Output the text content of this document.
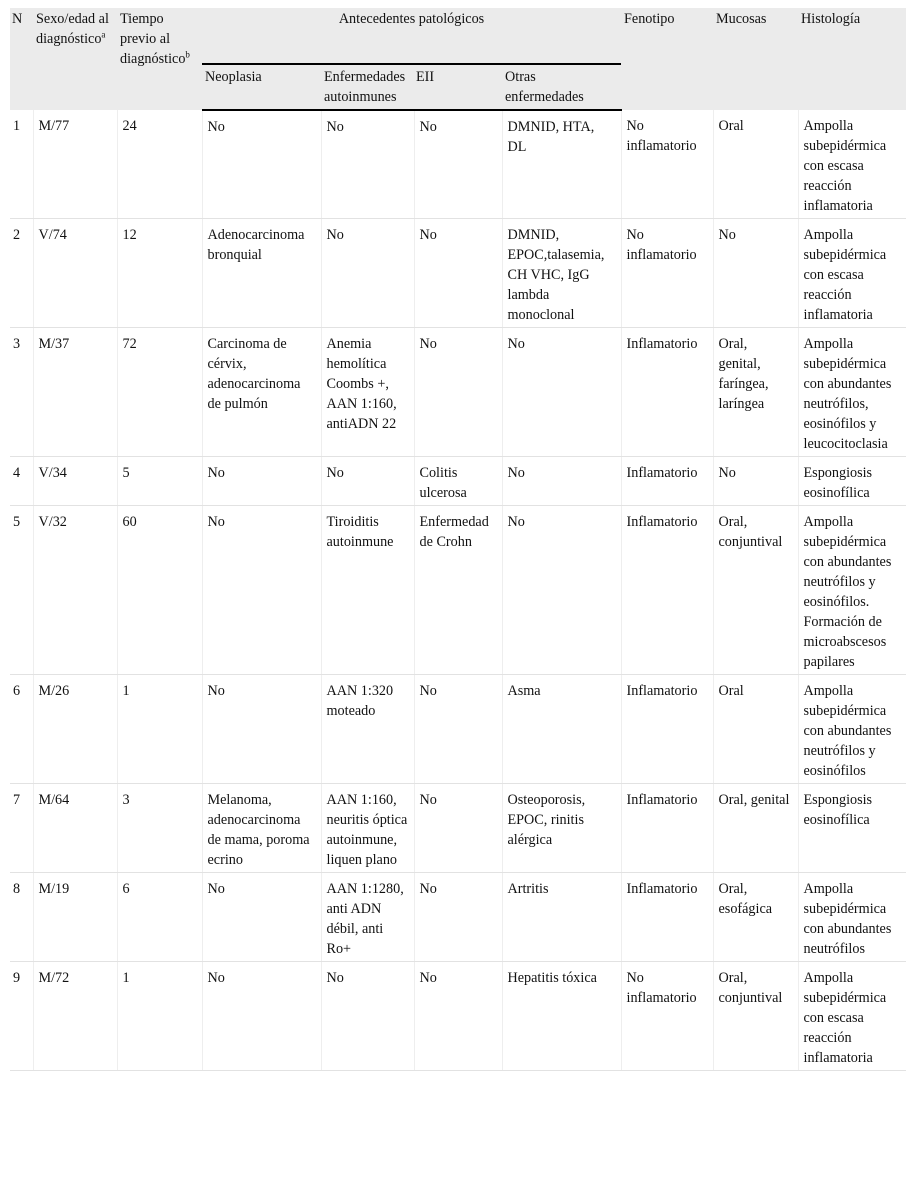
N	Sexo/edad al diagnóstico$^a$	Tiempo previo al diagnóstico$^b$	Antecedentes patológicos				Fenotipo	Mucosas	Histología
			Neoplasia	Enfermedades autoinmunes	EII	Otras enfermedades			
1	M/77	24	No	No	No	DMNID, HTA, DL	No inflamatorio	Oral	Ampolla subepidérmica con escasa reacción inflamatoria
2	V/74	12	Adenocarcinoma bronquial	No	No	DMNID, EPOC,talasemia, CH VHC, IgG lambda monoclonal	No inflamatorio	No	Ampolla subepidérmica con escasa reacción inflamatoria
3	M/37	72	Carcinoma de cérvix, adenocarcinoma de pulmón	Anemia hemolítica Coombs +, AAN 1:160, antiADN 22	No	No	Inflamatorio	Oral, genital, faríngea, laríngea	Ampolla subepidérmica con abundantes neutrófilos, eosinófilos y leucocitoclasia
4	V/34	5	No	No	Colitis ulcerosa	No	Inflamatorio	No	Espongiosis eosinofílica
5	V/32	60	No	Tiroiditis autoinmune	Enfermedad de Crohn	No	Inflamatorio	Oral, conjuntival	Ampolla subepidérmica con abundantes neutrófilos y eosinófilos. Formación de microabscesos papilares
6	M/26	1	No	AAN 1:320 moteado	No	Asma	Inflamatorio	Oral	Ampolla subepidérmica con abundantes neutrófilos y eosinófilos
7	M/64	3	Melanoma, adenocarcinoma de mama, poroma ecrino	AAN 1:160, neuritis óptica autoinmune, liquen plano	No	Osteoporosis, EPOC, rinitis alérgica	Inflamatorio	Oral, genital	Espongiosis eosinofílica
8	M/19	6	No	AAN 1:1280, anti ADN débil, anti Ro+	No	Artritis	Inflamatorio	Oral, esofágica	Ampolla subepidérmica con abundantes neutrófilos
9	M/72	1	No	No	No	Hepatitis tóxica	No inflamatorio	Oral, conjuntival	Ampolla subepidérmica con escasa reacción inflamatoria
